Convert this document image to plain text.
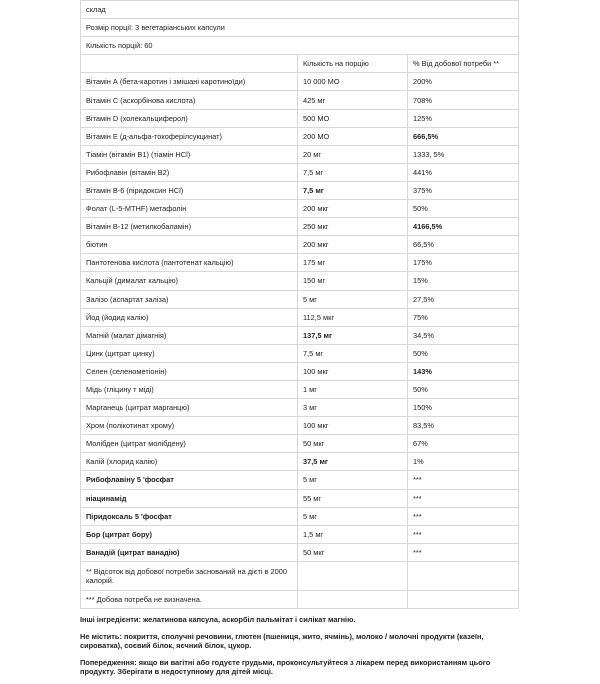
склад		
Розмір порції: 3 вегетаріанських капсули		
Кількість порцій: 60		
	Кількість на порцію	% Від добової потреби **
Вітамін А (бета-каротин і змішані каротиноїди)	10 000 МО	200%
Вітамін С (аскорбінова кислота)	425 мг	708%
Вітамін D (холекальциферол)	500 МО	125%
Вітамін Е (д-альфа-токоферілсукцинат)	200 МО	666,5%
Тіамін (вітамін В1) (тіамін HCl)	20 мг	1333, 5%
Рибофлавін (вітамін В2)	7,5 мг	441%
Вітамін В-6 (піридоксин HCl)	7,5 мг	375%
Фолат (L-5-MTHF) метафолін	200 мкг	50%
Вітамін В-12 (метилкобаламін)	250 мкг	4166,5%
біотин	200 мкг	66,5%
Пантотенова кислота (пантотенат кальцію)	175 мг	175%
Кальцій (дималат кальцію)	150 мг	15%
Залізо (аспартат заліза)	5 мг	27,5%
Йод (йодид калію)	112,5 мкг	75%
Магній (малат дімагнія)	137,5 мг	34,5%
Цинк (цитрат цинку)	7,5 мг	50%
Селен (селенометіонін)	100 мкг	143%
Мідь (гліцину т міді)	1 мг	50%
Марганець (цитрат марганцю)	3 мг	150%
Хром (полікотинат хрому)	100 мкг	83,5%
Молібден (цитрат молібдену)	50 мкг	67%
Калій (хлорид калію)	37,5 мг	1%
Рибофлавіну 5 'фосфат	5 мг	***
ніацинамід	55 мг	***
Піридоксаль 5 'фосфат	5 мг	***
Бор (цитрат бору)	1,5 мг	***
Ванадій (цитрат ванадію)	50 мкг	***
** Відсоток від добової потреби заснований на дієті в 2000 калорій.		
*** Добова потреба не визначена.		

Інші інгредієнти: желатинова капсула, аскорбіл пальмітат і силікат магнію.

Не містить: покриття, сполучні речовини, глютен (пшениця, жито, ячмінь), молоко / молочні продукти (казеїн, сироватка), соєвий білок, яєчний білок, цукор.

Попередження: якщо ви вагітні або годуєте грудьми, проконсультуйтеся з лікарем перед використанням цього продукту. Зберігати в недоступному для дітей місці.
